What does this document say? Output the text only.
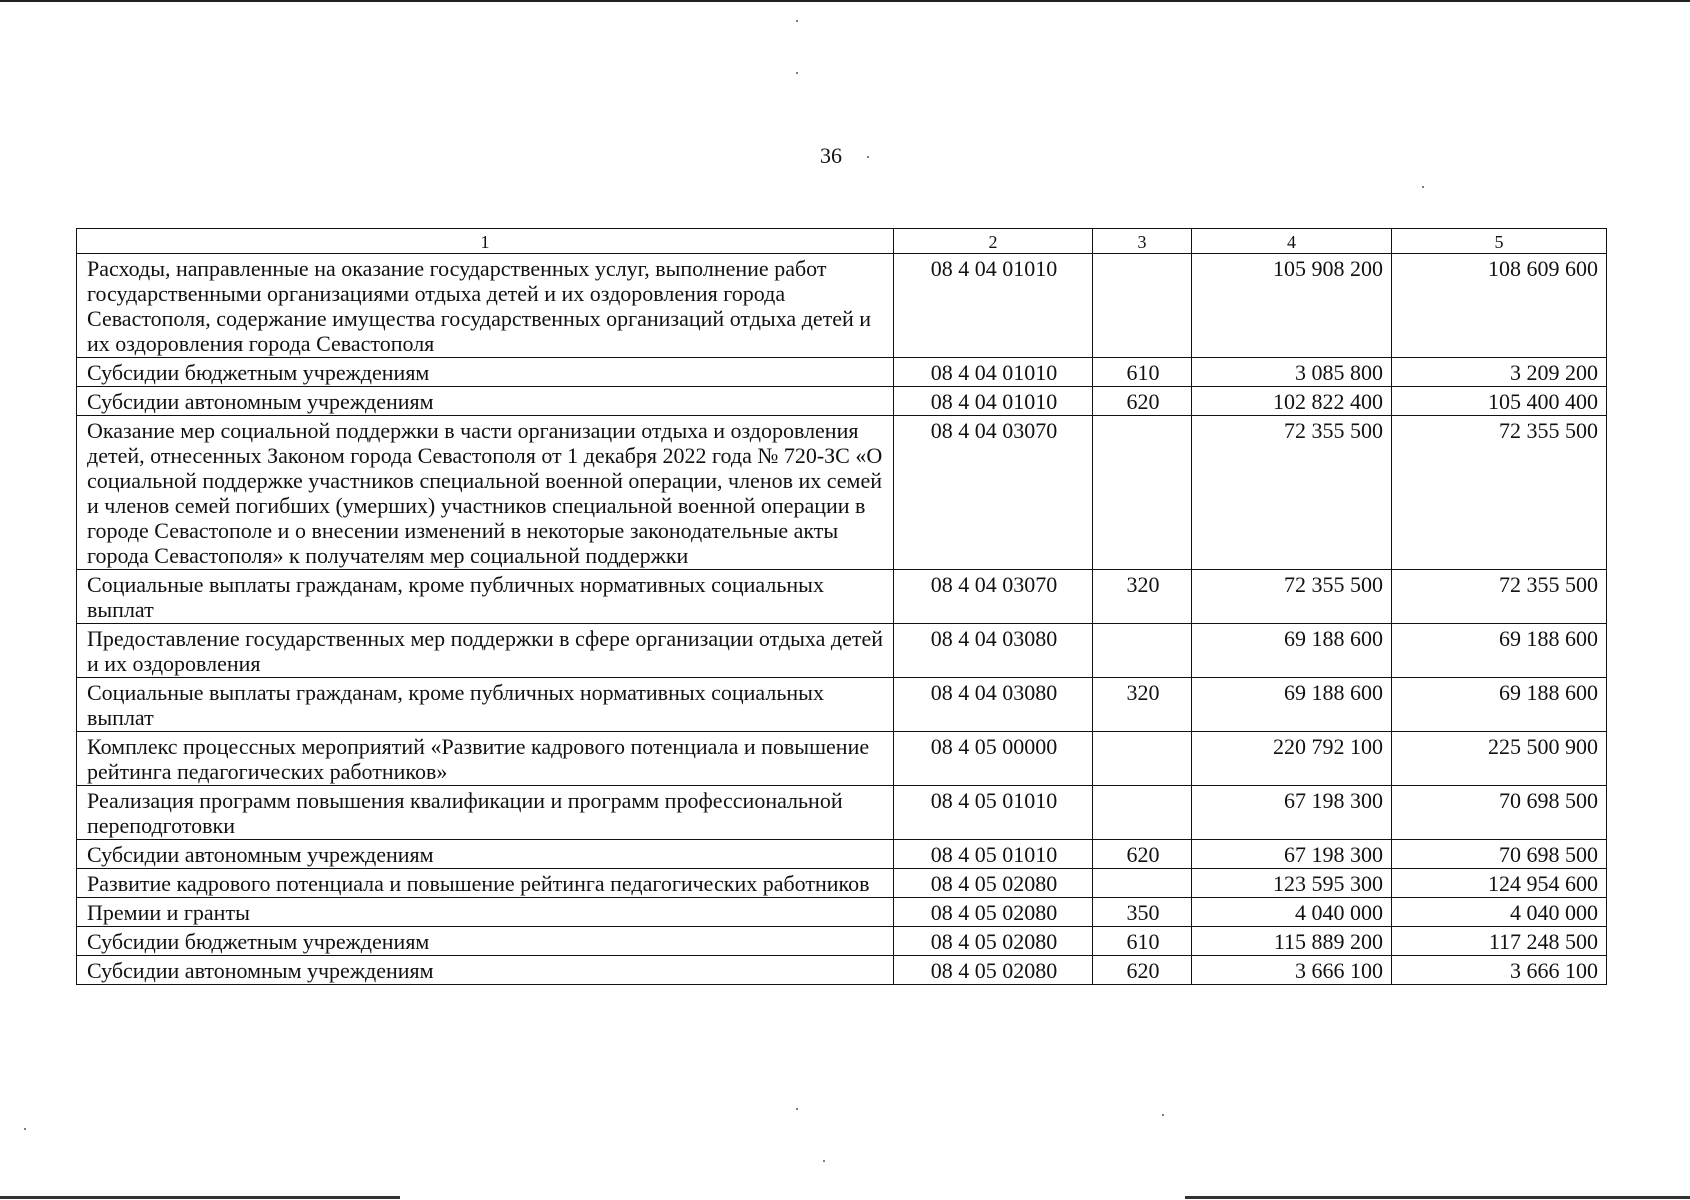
36
1	2	3	4	5
Расходы, направленные на оказание государственных услуг, выполнение работ государственными организациями отдыха детей и их оздоровления города Севастополя, содержание имущества государственных организаций отдыха детей и их оздоровления города Севастополя	08 4 04 01010		105 908 200	108 609 600
Субсидии бюджетным учреждениям	08 4 04 01010	610	3 085 800	3 209 200
Субсидии автономным учреждениям	08 4 04 01010	620	102 822 400	105 400 400
Оказание мер социальной поддержки в части организации отдыха и оздоровления детей, отнесенных Законом города Севастополя от 1 декабря 2022 года № 720-ЗС «О социальной поддержке участников специальной военной операции, членов их семей и членов семей погибших (умерших) участников специальной военной операции в городе Севастополе и о внесении изменений в некоторые законодательные акты города Севастополя» к получателям мер социальной поддержки	08 4 04 03070		72 355 500	72 355 500
Социальные выплаты гражданам, кроме публичных нормативных социальных выплат	08 4 04 03070	320	72 355 500	72 355 500
Предоставление государственных мер поддержки в сфере организации отдыха детей и их оздоровления	08 4 04 03080		69 188 600	69 188 600
Социальные выплаты гражданам, кроме публичных нормативных социальных выплат	08 4 04 03080	320	69 188 600	69 188 600
Комплекс процессных мероприятий «Развитие кадрового потенциала и повышение рейтинга педагогических работников»	08 4 05 00000		220 792 100	225 500 900
Реализация программ повышения квалификации и программ профессиональной переподготовки	08 4 05 01010		67 198 300	70 698 500
Субсидии автономным учреждениям	08 4 05 01010	620	67 198 300	70 698 500
Развитие кадрового потенциала и повышение рейтинга педагогических работников	08 4 05 02080		123 595 300	124 954 600
Премии и гранты	08 4 05 02080	350	4 040 000	4 040 000
Субсидии бюджетным учреждениям	08 4 05 02080	610	115 889 200	117 248 500
Субсидии автономным учреждениям	08 4 05 02080	620	3 666 100	3 666 100
